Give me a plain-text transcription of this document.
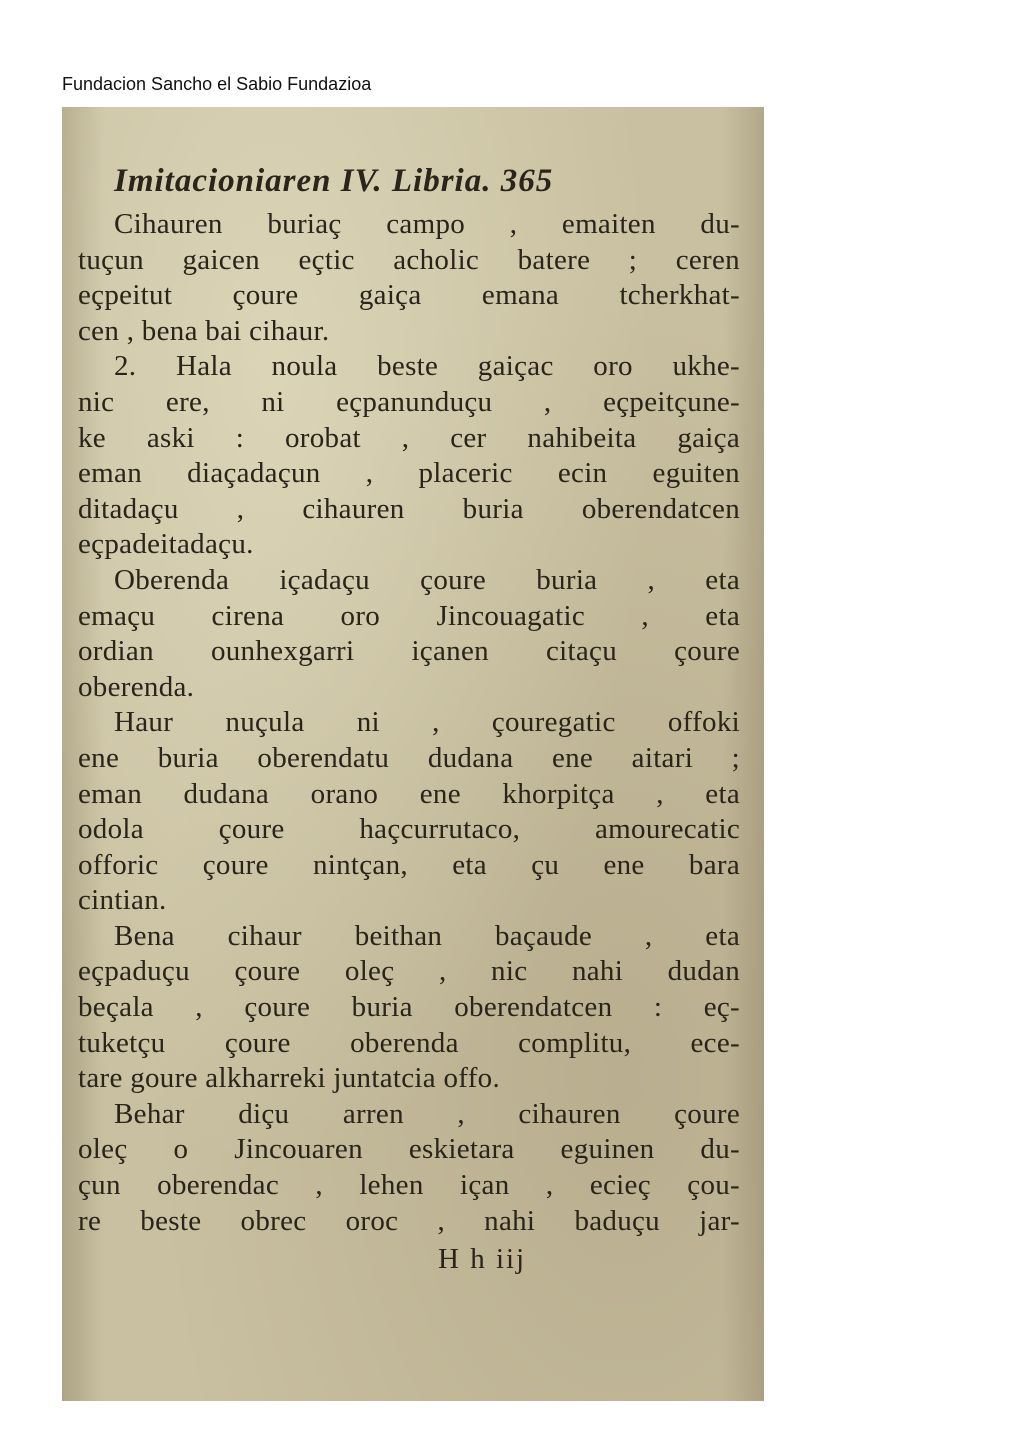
Fundacion Sancho el Sabio Fundazioa
Imitacioniaren IV. Libria. 365
Cihauren buriaç campo , emaiten du-
tuçun gaicen eçtic acholic batere ; ceren
eçpeitut çoure gaiça emana tcherkhat-
cen , bena bai cihaur.
2. Hala noula beste gaiçac oro ukhe-
nic ere, ni eçpanunduçu , eçpeitçune-
ke aski : orobat , cer nahibeita gaiça
eman diaçadaçun , placeric ecin eguiten
ditadaçu , cihauren buria oberendatcen
eçpadeitadaçu.
Oberenda içadaçu çoure buria , eta
emaçu cirena oro Jincouagatic , eta
ordian ounhexgarri içanen citaçu çoure
oberenda.
Haur nuçula ni , çouregatic offoki
ene buria oberendatu dudana ene aitari ;
eman dudana orano ene khorpitça , eta
odola çoure haçcurrutaco, amourecatic
offoric çoure nintçan, eta çu ene bara
cintian.
Bena cihaur beithan baçaude , eta
eçpaduçu çoure oleç , nic nahi dudan
beçala , çoure buria oberendatcen : eç-
tuketçu çoure oberenda complitu, ece-
tare goure alkharreki juntatcia offo.
Behar diçu arren , cihauren çoure
oleç o Jincouaren eskietara eguinen du-
çun oberendac , lehen içan , ecieç çou-
re beste obrec oroc , nahi baduçu jar-
H h iij
